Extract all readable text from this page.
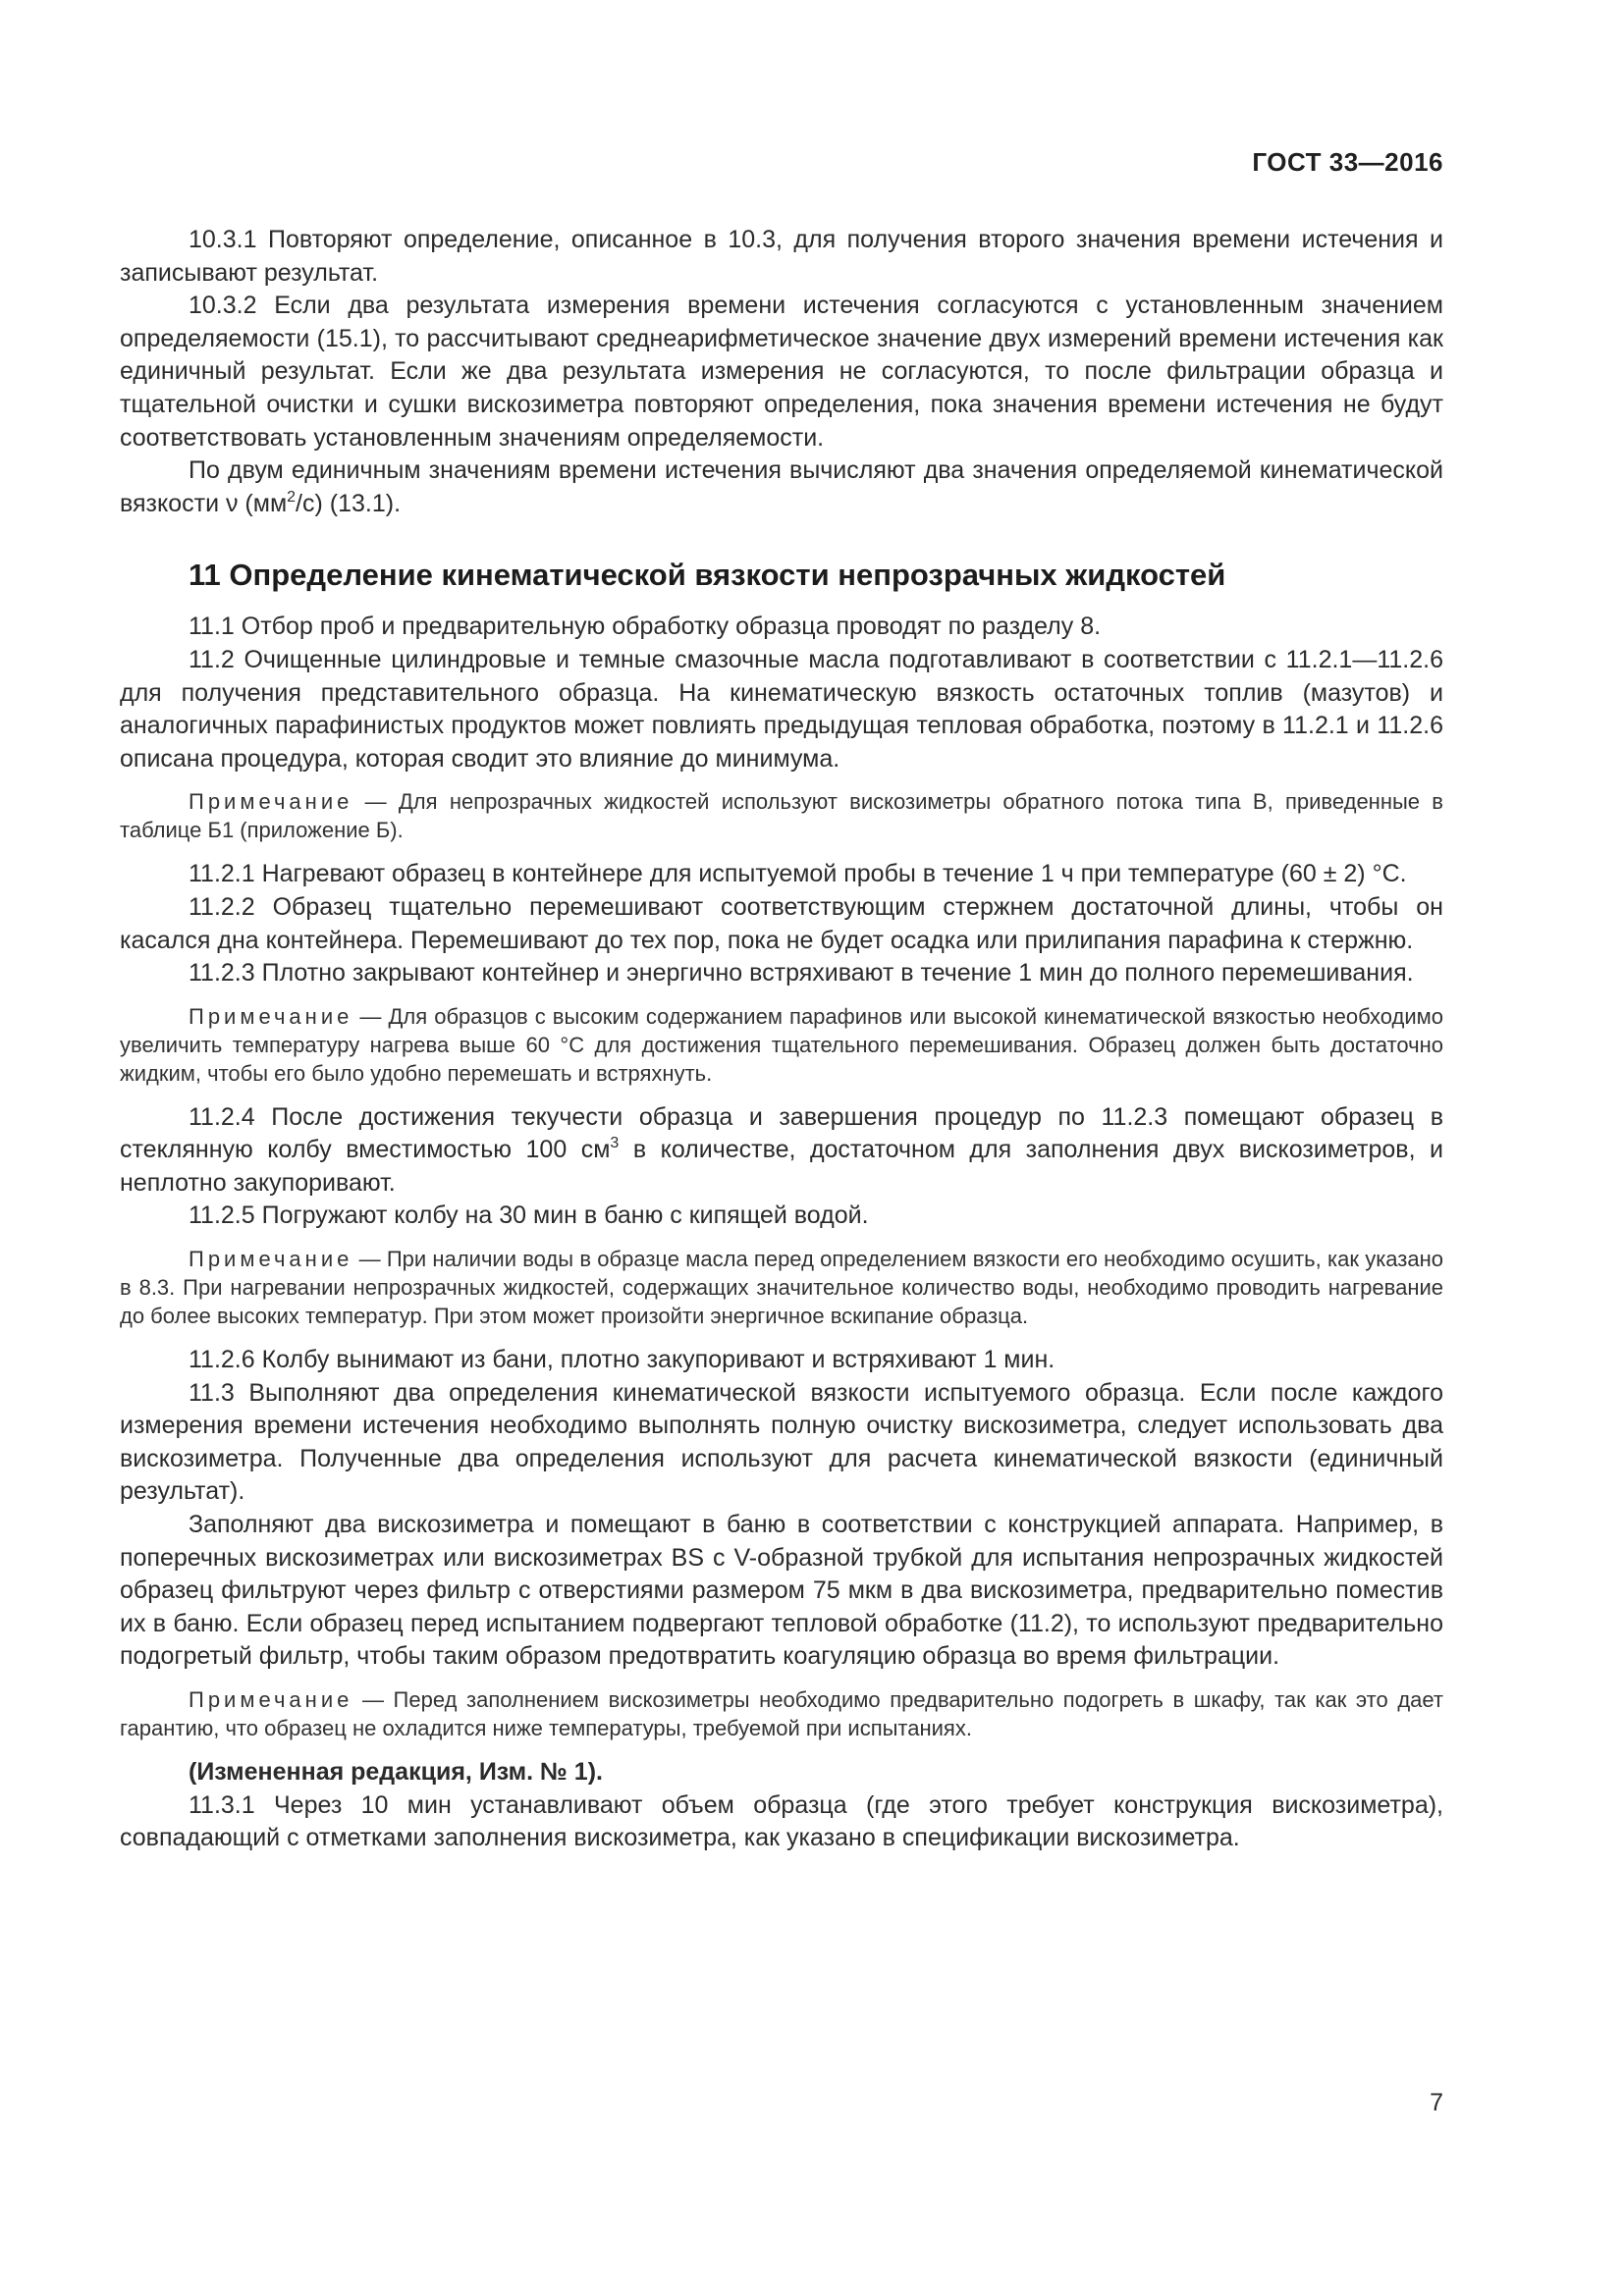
ГОСТ 33—2016

10.3.1 Повторяют определение, описанное в 10.3, для получения второго значения времени истечения и записывают результат.

10.3.2 Если два результата измерения времени истечения согласуются с установленным значением определяемости (15.1), то рассчитывают среднеарифметическое значение двух измерений времени истечения как единичный результат. Если же два результата измерения не согласуются, то после фильтрации образца и тщательной очистки и сушки вискозиметра повторяют определения, пока значения времени истечения не будут соответствовать установленным значениям определяемости.

По двум единичным значениям времени истечения вычисляют два значения определяемой кинематической вязкости ν $(мм^2/с)$ (13.1).

11 Определение кинематической вязкости непрозрачных жидкостей

11.1 Отбор проб и предварительную обработку образца проводят по разделу 8.

11.2 Очищенные цилиндровые и темные смазочные масла подготавливают в соответствии с 11.2.1—11.2.6 для получения представительного образца. На кинематическую вязкость остаточных топлив (мазутов) и аналогичных парафинистых продуктов может повлиять предыдущая тепловая обработка, поэтому в 11.2.1 и 11.2.6 описана процедура, которая сводит это влияние до минимума.

Примечание — Для непрозрачных жидкостей используют вискозиметры обратного потока типа В, приведенные в таблице Б1 (приложение Б).

11.2.1 Нагревают образец в контейнере для испытуемой пробы в течение 1 ч при температуре (60 ± 2) °С.

11.2.2 Образец тщательно перемешивают соответствующим стержнем достаточной длины, чтобы он касался дна контейнера. Перемешивают до тех пор, пока не будет осадка или прилипания парафина к стержню.

11.2.3 Плотно закрывают контейнер и энергично встряхивают в течение 1 мин до полного перемешивания.

Примечание — Для образцов с высоким содержанием парафинов или высокой кинематической вязкостью необходимо увеличить температуру нагрева выше 60 °С для достижения тщательного перемешивания. Образец должен быть достаточно жидким, чтобы его было удобно перемешать и встряхнуть.

11.2.4 После достижения текучести образца и завершения процедур по 11.2.3 помещают образец в стеклянную колбу вместимостью 100 $см^3$ в количестве, достаточном для заполнения двух вискозиметров, и неплотно закупоривают.

11.2.5 Погружают колбу на 30 мин в баню с кипящей водой.

Примечание — При наличии воды в образце масла перед определением вязкости его необходимо осушить, как указано в 8.3. При нагревании непрозрачных жидкостей, содержащих значительное количество воды, необходимо проводить нагревание до более высоких температур. При этом может произойти энергичное вскипание образца.

11.2.6 Колбу вынимают из бани, плотно закупоривают и встряхивают 1 мин.

11.3 Выполняют два определения кинематической вязкости испытуемого образца. Если после каждого измерения времени истечения необходимо выполнять полную очистку вискозиметра, следует использовать два вискозиметра. Полученные два определения используют для расчета кинематической вязкости (единичный результат).

Заполняют два вискозиметра и помещают в баню в соответствии с конструкцией аппарата. Например, в поперечных вискозиметрах или вискозиметрах BS с V-образной трубкой для испытания непрозрачных жидкостей образец фильтруют через фильтр с отверстиями размером 75 мкм в два вискозиметра, предварительно поместив их в баню. Если образец перед испытанием подвергают тепловой обработке (11.2), то используют предварительно подогретый фильтр, чтобы таким образом предотвратить коагуляцию образца во время фильтрации.

Примечание — Перед заполнением вискозиметры необходимо предварительно подогреть в шкафу, так как это дает гарантию, что образец не охладится ниже температуры, требуемой при испытаниях.

(Измененная редакция, Изм. № 1).

11.3.1 Через 10 мин устанавливают объем образца (где этого требует конструкция вискозиметра), совпадающий с отметками заполнения вискозиметра, как указано в спецификации вискозиметра.

7
